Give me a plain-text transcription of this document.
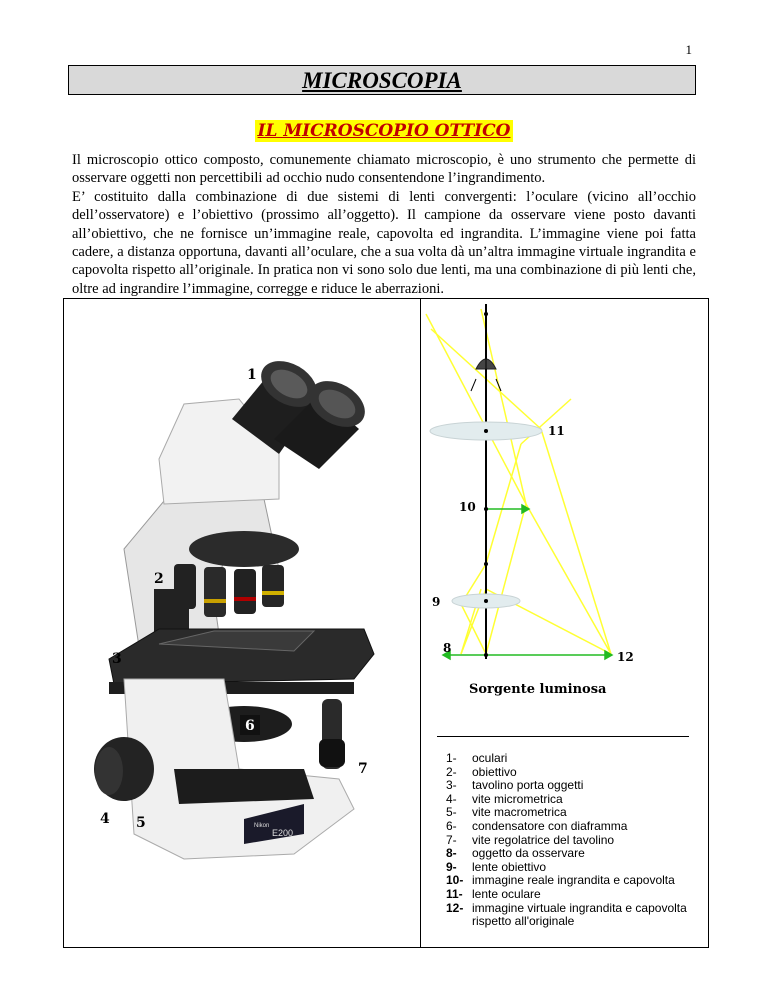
1
MICROSCOPIA
IL MICROSCOPIO OTTICO

Il microscopio ottico composto, comunemente chiamato microscopio, è uno strumento che permette di osservare oggetti non percettibili ad occhio nudo consentendone l’ingrandimento.

E’ costituito dalla combinazione di due sistemi di lenti convergenti: l’oculare (vicino all’occhio dell’osservatore) e l’obiettivo (prossimo all’oggetto). Il campione da osservare viene posto davanti all’obiettivo, che ne fornisce un’immagine reale, capovolta ed ingrandita. L’immagine viene poi fatta cadere, a distanza opportuna, davanti all’oculare, che a sua volta dà un’altra immagine virtuale ingrandita e capovolta rispetto all’originale. In pratica non vi sono solo due lenti, ma una combinazione di più lenti che, oltre ad ingrandire l’immagine, corregge e riduce le aberrazioni.

Nikon
E200
1
2
3
4 5
6
7
11
10
9
8
12
Sorgente luminosa
1-	oculari
2-	obiettivo
3-	tavolino porta oggetti
4-	vite micrometrica
5-	vite macrometrica
6-	condensatore con diaframma
7-	vite regolatrice del tavolino
8-	oggetto da osservare
9-	lente obiettivo
10- immagine reale ingrandita e capovolta
11- lente oculare
12- immagine virtuale ingrandita e capovolta rispetto all'originale
